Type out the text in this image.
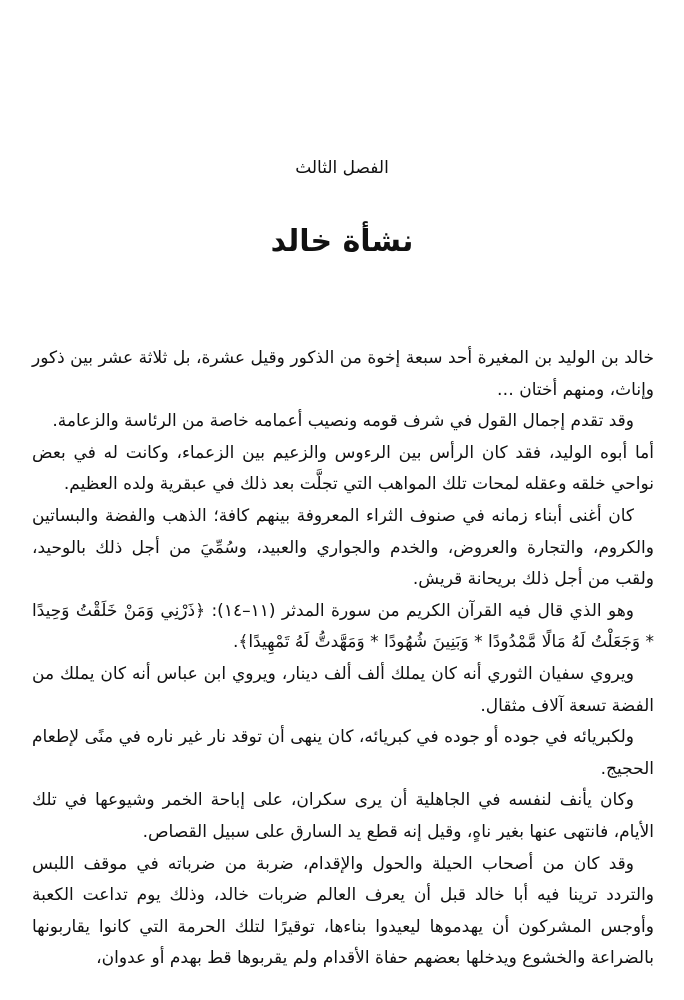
الفصل الثالث
نشأة خالد

خالد بن الوليد بن المغيرة أحد سبعة إخوة من الذكور وقيل عشرة، بل ثلاثة عشر بين ذكور وإناث، ومنهم أختان …

وقد تقدم إجمال القول في شرف قومه ونصيب أعمامه خاصة من الرئاسة والزعامة.

أما أبوه الوليد، فقد كان الرأس بين الرءوس والزعيم بين الزعماء، وكانت له في بعض نواحي خلقه وعقله لمحات تلك المواهب التي تجلَّت بعد ذلك في عبقرية ولده العظيم.

كان أغنى أبناء زمانه في صنوف الثراء المعروفة بينهم كافة؛ الذهب والفضة والبساتين والكروم، والتجارة والعروض، والخدم والجواري والعبيد، وسُمِّيَ من أجل ذلك بالوحيد، ولقب من أجل ذلك بريحانة قريش.

وهو الذي قال فيه القرآن الكريم من سورة المدثر (١١–١٤): ﴿ذَرْنِي وَمَنْ خَلَقْتُ وَحِيدًا * وَجَعَلْتُ لَهُ مَالًا مَّمْدُودًا * وَبَنِينَ شُهُودًا * وَمَهَّدتُّ لَهُ تَمْهِيدًا﴾.

ويروي سفيان الثوري أنه كان يملك ألف ألف دينار، ويروي ابن عباس أنه كان يملك من الفضة تسعة آلاف مثقال.

ولكبريائه في جوده أو جوده في كبريائه، كان ينهى أن توقد نار غير ناره في منًى لإطعام الحجيج.

وكان يأنف لنفسه في الجاهلية أن يرى سكران، على إباحة الخمر وشيوعها في تلك الأيام، فانتهى عنها بغير ناهٍ، وقيل إنه قطع يد السارق على سبيل القصاص.

وقد كان من أصحاب الحيلة والحول والإقدام، ضربة من ضرباته في موقف اللبس والتردد ترينا فيه أبا خالد قبل أن يعرف العالم ضربات خالد، وذلك يوم تداعت الكعبة وأوجس المشركون أن يهدموها ليعيدوا بناءها، توقيرًا لتلك الحرمة التي كانوا يقاربونها بالضراعة والخشوع ويدخلها بعضهم حفاة الأقدام ولم يقربوها قط بهدم أو عدوان،
